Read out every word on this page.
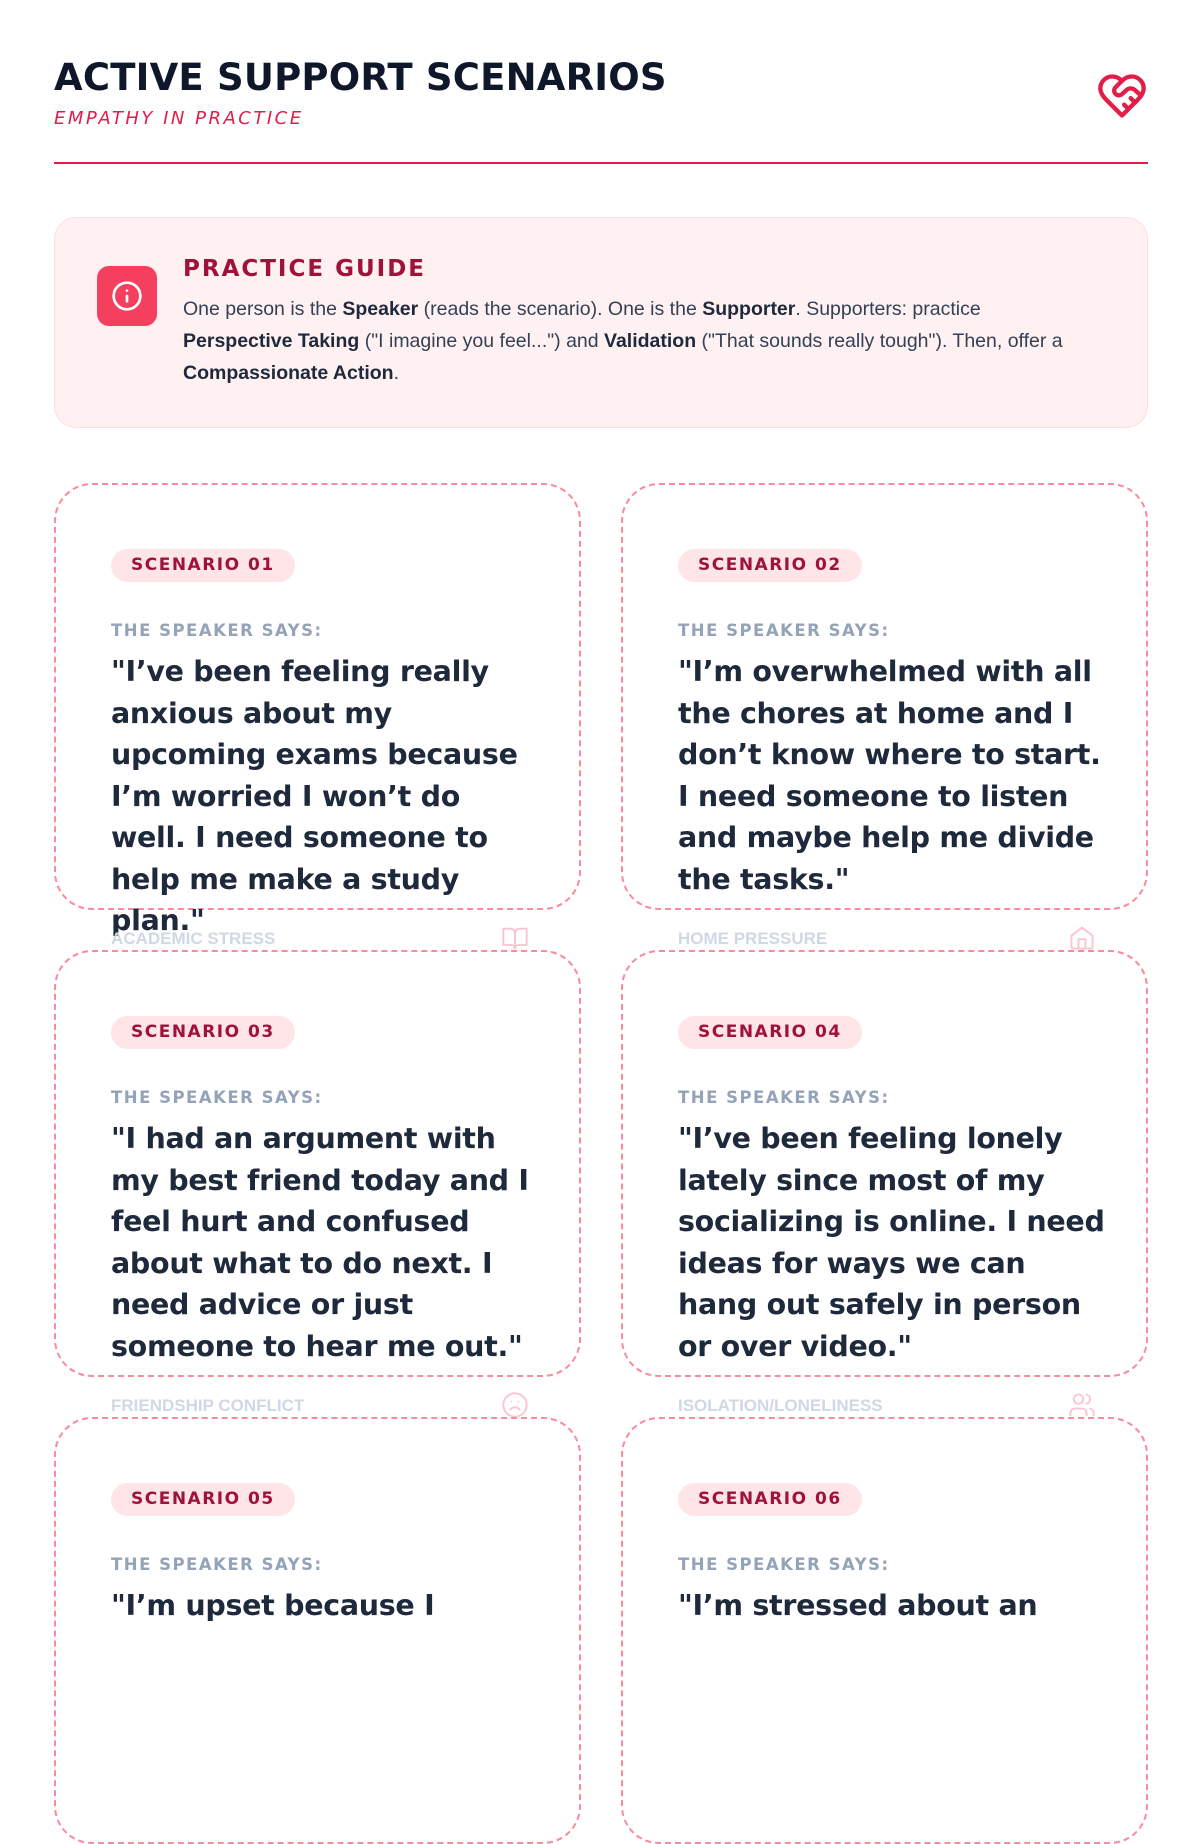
ACTIVE SUPPORT SCENARIOS
EMPATHY IN PRACTICE
PRACTICE GUIDE
One person is the Speaker (reads the scenario). One is the Supporter. Supporters: practice Perspective Taking ("I imagine you feel...") and Validation ("That sounds really tough"). Then, offer a Compassionate Action.
SCENARIO 01
THE SPEAKER SAYS:
"I’ve been feeling really anxious about my upcoming exams because I’m worried I won’t do well. I need someone to help me make a study plan."
ACADEMIC STRESS
SCENARIO 02
THE SPEAKER SAYS:
"I’m overwhelmed with all the chores at home and I don’t know where to start. I need someone to listen and maybe help me divide the tasks."
HOME PRESSURE
SCENARIO 03
THE SPEAKER SAYS:
"I had an argument with my best friend today and I feel hurt and confused about what to do next. I need advice or just someone to hear me out."
FRIENDSHIP CONFLICT
SCENARIO 04
THE SPEAKER SAYS:
"I’ve been feeling lonely lately since most of my socializing is online. I need ideas for ways we can hang out safely in person or over video."
ISOLATION/LONELINESS
SCENARIO 05
THE SPEAKER SAYS:
"I’m upset because I
SCENARIO 06
THE SPEAKER SAYS:
"I’m stressed about an
